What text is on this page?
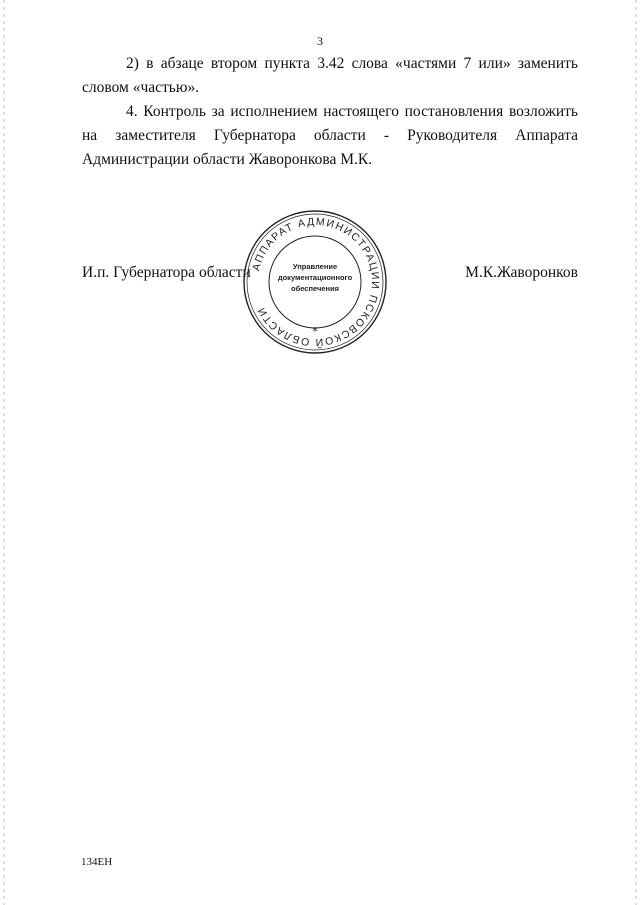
3

2) в абзаце втором пункта 3.42 слова «частями 7 или» заменить
словом «частью».

4. Контроль за исполнением настоящего постановления возложить
на заместителя Губернатора области - Руководителя Аппарата
Администрации области Жаворонкова М.К.

И.п. Губернатора области АППАРАТ АДМИНИСТРАЦИИ ПСКОВСКОЙ ОБЛАСТИ
Управление
документационного
обеспечения
*
М.К.Жаворонков
134ЕН
